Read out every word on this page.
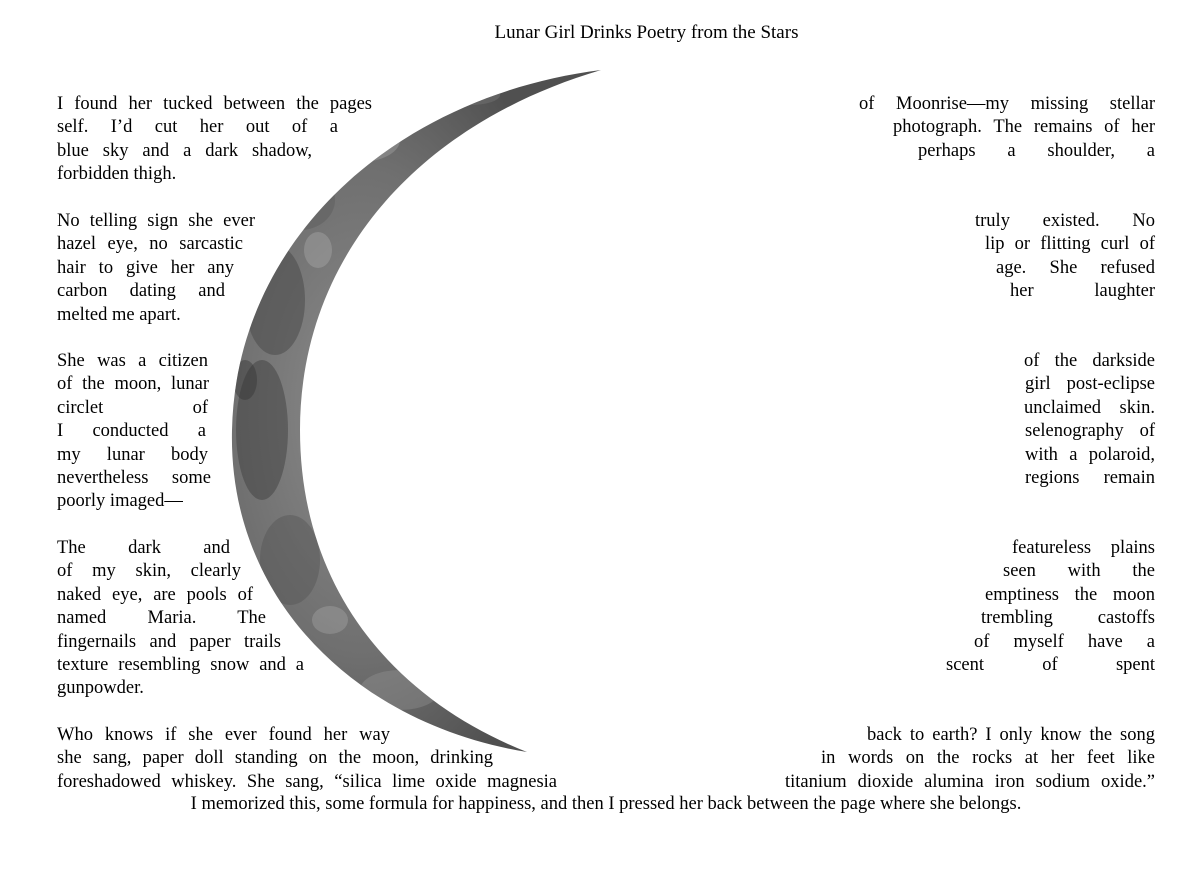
Lunar Girl Drinks Poetry from the Stars
I found her tucked between the pages
self. I’d cut her out of a
blue sky and a dark shadow,
forbidden thigh.
of Moonrise—my missing stellar
photograph. The remains of her
perhaps a shoulder, a
No telling sign she ever
hazel eye, no sarcastic
hair to give her any
carbon dating and
melted me apart.
truly existed. No
lip or flitting curl of
age. She refused
her laughter
She was a citizen
of the moon, lunar
circlet of
I conducted a
my lunar body
nevertheless some
poorly imaged—
of the darkside
girl post-eclipse
unclaimed skin.
selenography of
with a polaroid,
regions remain
The dark and
of my skin, clearly
naked eye, are pools of
named Maria. The
fingernails and paper trails
texture resembling snow and a
gunpowder.
featureless plains
seen with the
emptiness the moon
trembling castoffs
of myself have a
scent of spent
Who knows if she ever found her way
she sang, paper doll standing on the moon, drinking
foreshadowed whiskey. She sang, “silica lime oxide magnesia
back to earth? I only know the song
in words on the rocks at her feet like
titanium dioxide alumina iron sodium oxide.”
I memorized this, some formula for happiness, and then I pressed her back between the page where she belongs.
